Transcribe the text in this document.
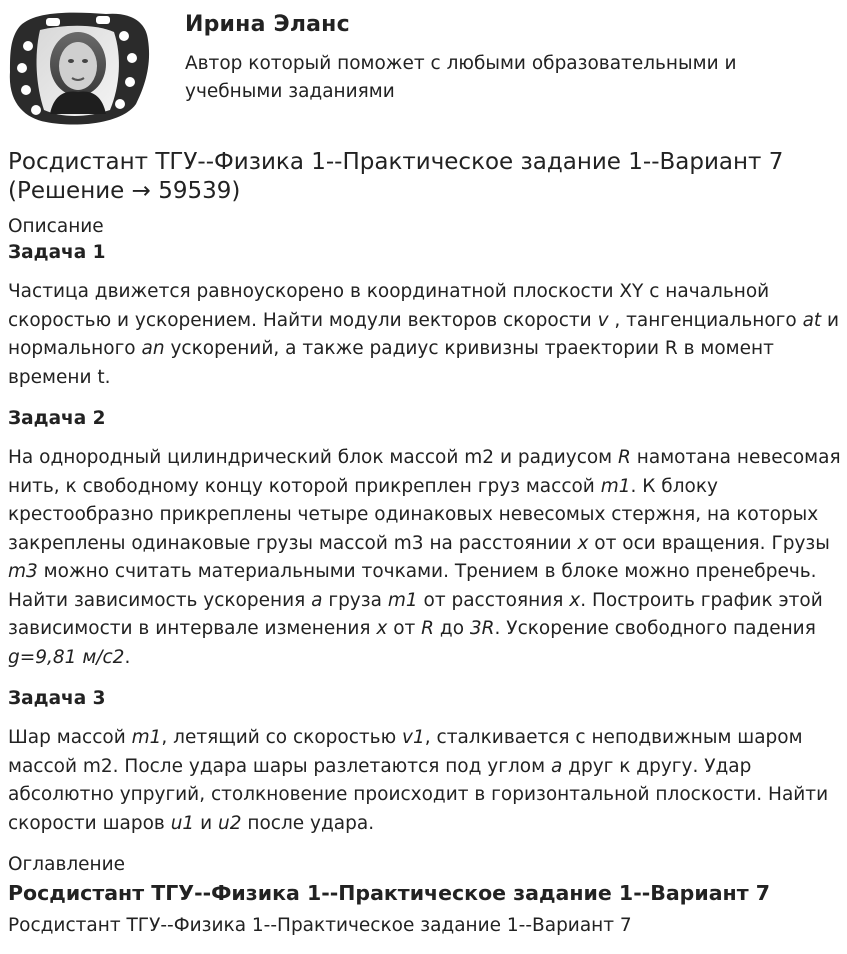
Ирина Эланс
Автор который поможет с любыми образовательными и учебными заданиями
Росдистант ТГУ--Физика 1--Практическое задание 1--Вариант 7 (Решение → 59539)

Описание

Задача 1

Частица движется равноускорено в координатной плоскости XY с начальной скоростью и ускорением. Найти модули векторов скорости v , тангенциального at и нормального an ускорений, а также радиус кривизны траектории R в момент времени t.

Задача 2

На однородный цилиндрический блок массой m2 и радиусом R намотана невесомая нить, к свободному концу которой прикреплен груз массой m1. К блоку крестообразно прикреплены четыре одинаковых невесомых стержня, на которых закреплены одинаковые грузы массой m3 на расстоянии x от оси вращения. Грузы m3 можно считать материальными точками. Трением в блоке можно пренебречь. Найти зависимость ускорения a груза m1 от расстояния x. Построить график этой зависимости в интервале изменения x от R до 3R. Ускорение свободного падения g=9,81 м/с2.

Задача 3

Шар массой m1, летящий со скоростью v1, сталкивается с неподвижным шаром массой m2. После удара шары разлетаются под углом a друг к другу. Удар абсолютно упругий, столкновение происходит в горизонтальной плоскости. Найти скорости шаров u1 и u2 после удара.

Оглавление

Росдистант ТГУ--Физика 1--Практическое задание 1--Вариант 7

Росдистант ТГУ--Физика 1--Практическое задание 1--Вариант 7
